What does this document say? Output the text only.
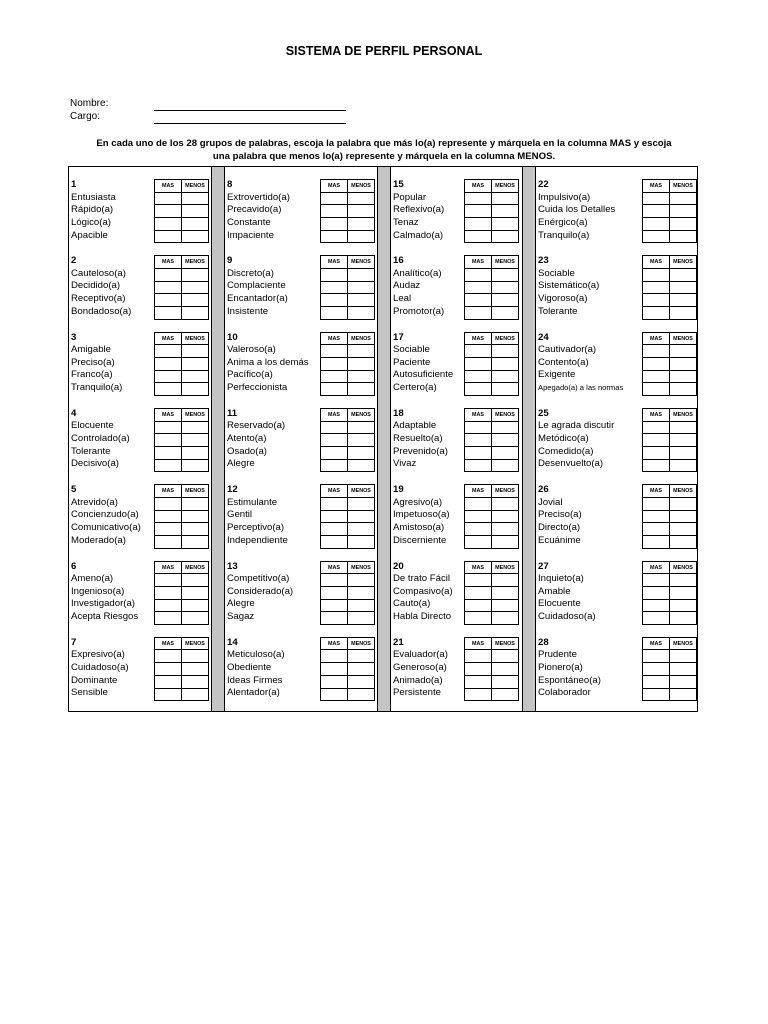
SISTEMA DE PERFIL PERSONAL
Nombre:
Cargo:
En cada uno de los 28 grupos de palabras, escoja la palabra que más lo(a) represente y márquela en la columna MAS y escoja
una palabra que menos lo(a) represente y márquela en la columna MENOS.
1
Entusiasta
Rápido(a)
Lógico(a)
Apacible
MAS	MENOS
2
Cauteloso(a)
Decidido(a)
Receptivo(a)
Bondadoso(a)
MAS	MENOS
3
Amigable
Preciso(a)
Franco(a)
Tranquilo(a)
MAS	MENOS
4
Elocuente
Controlado(a)
Tolerante
Decisivo(a)
MAS	MENOS
5
Atrevido(a)
Concienzudo(a)
Comunicativo(a)
Moderado(a)
MAS	MENOS
6
Ameno(a)
Ingenioso(a)
Investigador(a)
Acepta Riesgos
MAS	MENOS
7
Expresivo(a)
Cuidadoso(a)
Dominante
Sensible
MAS	MENOS
8
Extrovertido(a)
Precavido(a)
Constante
Impaciente
MAS	MENOS
9
Discreto(a)
Complaciente
Encantador(a)
Insistente
MAS	MENOS
10
Valeroso(a)
Anima a los demás
Pacífico(a)
Perfeccionista
MAS	MENOS
11
Reservado(a)
Atento(a)
Osado(a)
Alegre
MAS	MENOS
12
Estimulante
Gentil
Perceptivo(a)
Independiente
MAS	MENOS
13
Competitivo(a)
Considerado(a)
Alegre
Sagaz
MAS	MENOS
14
Meticuloso(a)
Obediente
Ideas Firmes
Alentador(a)
MAS	MENOS
15
Popular
Reflexivo(a)
Tenaz
Calmado(a)
MAS	MENOS
16
Analítico(a)
Audaz
Leal
Promotor(a)
MAS	MENOS
17
Sociable
Paciente
Autosuficiente
Certero(a)
MAS	MENOS
18
Adaptable
Resuelto(a)
Prevenido(a)
Vivaz
MAS	MENOS
19
Agresivo(a)
Impetuoso(a)
Amistoso(a)
Discerniente
MAS	MENOS
20
De trato Fácil
Compasivo(a)
Cauto(a)
Habla Directo
MAS	MENOS
21
Evaluador(a)
Generoso(a)
Animado(a)
Persistente
MAS	MENOS
22
Impulsivo(a)
Cuida los Detalles
Enérgico(a)
Tranquilo(a)
MAS	MENOS
23
Sociable
Sistemático(a)
Vigoroso(a)
Tolerante
MAS	MENOS
24
Cautivador(a)
Contento(a)
Exigente
Apegado(a) a las normas
MAS	MENOS
25
Le agrada discutir
Metódico(a)
Comedido(a)
Desenvuelto(a)
MAS	MENOS
26
Jovial
Preciso(a)
Directo(a)
Ecuánime
MAS	MENOS
27
Inquieto(a)
Amable
Elocuente
Cuidadoso(a)
MAS	MENOS
28
Prudente
Pionero(a)
Espontáneo(a)
Colaborador
MAS	MENOS
